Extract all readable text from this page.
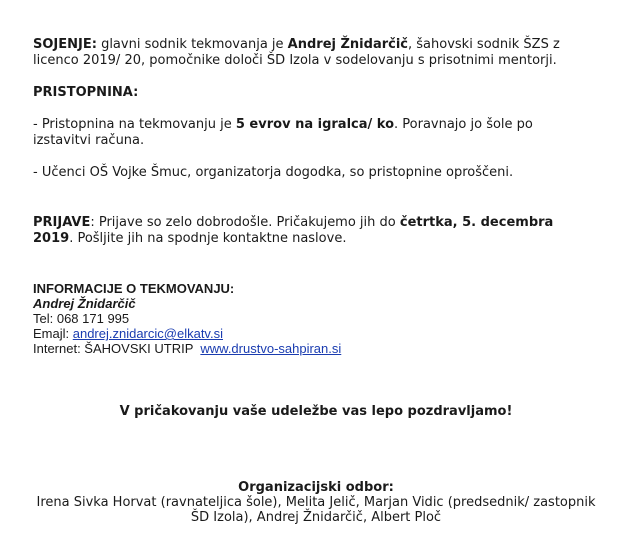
SOJENJE: glavni sodnik tekmovanja je Andrej Žnidarčič, šahovski sodnik ŠZS z licenco 2019/ 20, pomočnike določi ŠD Izola v sodelovanju s prisotnimi mentorji.

PRISTOPNINA:

- Pristopnina na tekmovanju je 5 evrov na igralca/ ko. Poravnajo jo šole po izstavitvi računa.

- Učenci OŠ Vojke Šmuc, organizatorja dogodka, so pristopnine oproščeni.

PRIJAVE: Prijave so zelo dobrodošle. Pričakujemo jih do četrtka, 5. decembra 2019. Pošljite jih na spodnje kontaktne naslove.

INFORMACIJE O TEKMOVANJU:

Andrej Žnidarčič

Tel: 068 171 995

Emajl: andrej.znidarcic@elkatv.si

Internet: ŠAHOVSKI UTRIP  www.drustvo-sahpiran.si

V pričakovanju vaše udeležbe vas lepo pozdravljamo!

Organizacijski odbor:

Irena Sivka Horvat (ravnateljica šole), Melita Jelič, Marjan Vidic (predsednik/ zastopnik ŠD Izola), Andrej Žnidarčič, Albert Ploč
